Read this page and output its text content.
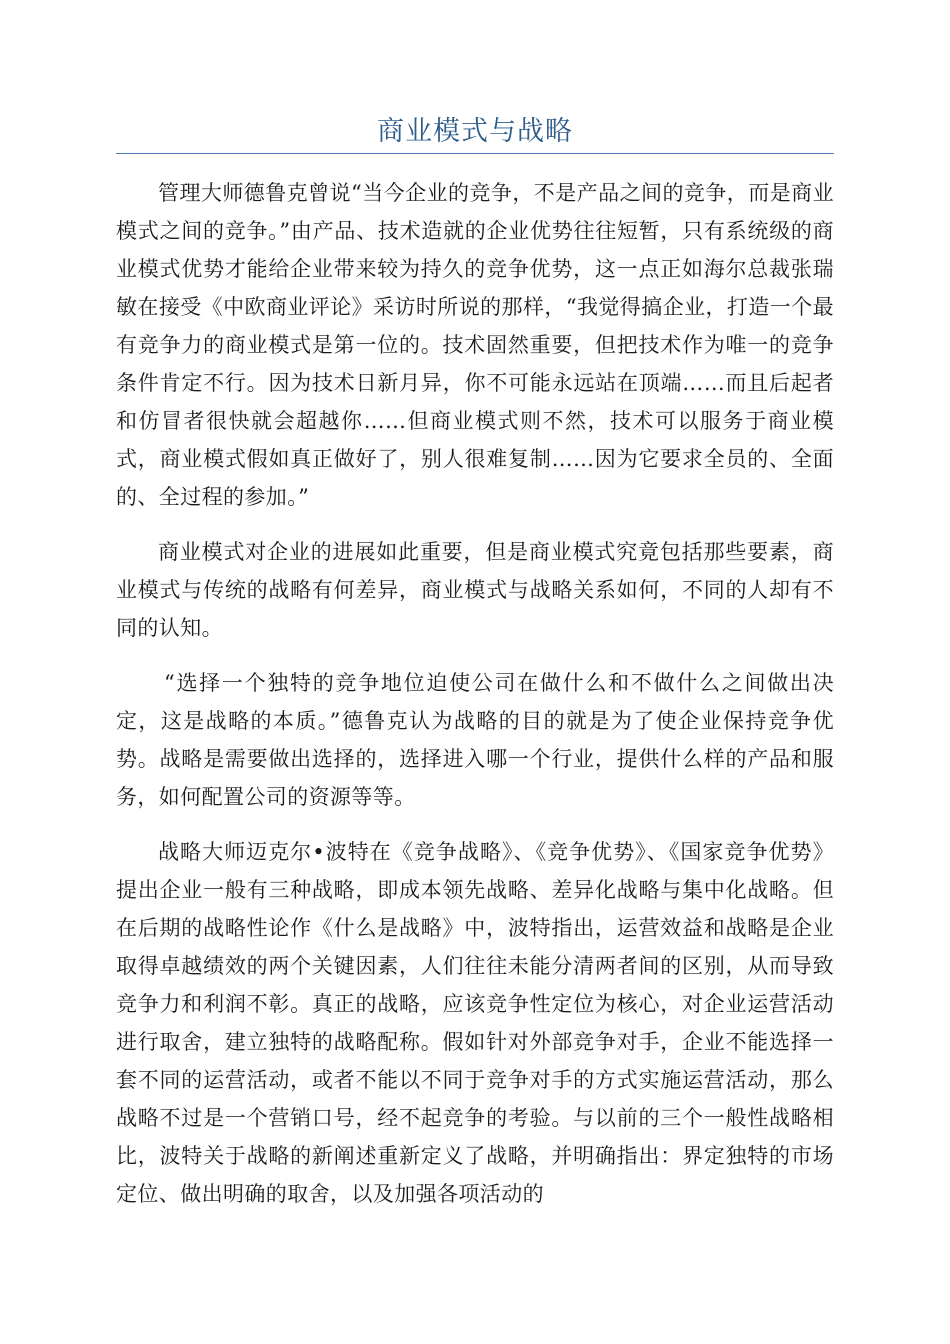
商业模式与战略

管理大师德鲁克曾说“当今企业的竞争，不是产品之间的竞争，而是商业模式之间的竞争。”由产品、技术造就的企业优势往往短暂，只有系统级的商业模式优势才能给企业带来较为持久的竞争优势，这一点正如海尔总裁张瑞敏在接受《中欧商业评论》采访时所说的那样，“我觉得搞企业，打造一个最有竞争力的商业模式是第一位的。技术固然重要，但把技术作为唯一的竞争条件肯定不行。因为技术日新月异，你不可能永远站在顶端……而且后起者和仿冒者很快就会超越你……但商业模式则不然，技术可以服务于商业模式，商业模式假如真正做好了，别人很难复制……因为它要求全员的、全面的、全过程的参加。”

商业模式对企业的进展如此重要，但是商业模式究竟包括那些要素，商业模式与传统的战略有何差异，商业模式与战略关系如何，不同的人却有不同的认知。

“选择一个独特的竞争地位迫使公司在做什么和不做什么之间做出决定，这是战略的本质。”德鲁克认为战略的目的就是为了使企业保持竞争优势。战略是需要做出选择的，选择进入哪一个行业，提供什么样的产品和服务，如何配置公司的资源等等。

战略大师迈克尔•波特在《竞争战略》、《竞争优势》、《国家竞争优势》提出企业一般有三种战略，即成本领先战略、差异化战略与集中化战略。但在后期的战略性论作《什么是战略》中，波特指出，运营效益和战略是企业取得卓越绩效的两个关键因素，人们往往未能分清两者间的区别，从而导致竞争力和利润不彰。真正的战略，应该竞争性定位为核心，对企业运营活动进行取舍，建立独特的战略配称。假如针对外部竞争对手，企业不能选择一套不同的运营活动，或者不能以不同于竞争对手的方式实施运营活动，那么战略不过是一个营销口号，经不起竞争的考验。与以前的三个一般性战略相比，波特关于战略的新阐述重新定义了战略，并明确指出：界定独特的市场定位、做出明确的取舍，以及加强各项活动的
